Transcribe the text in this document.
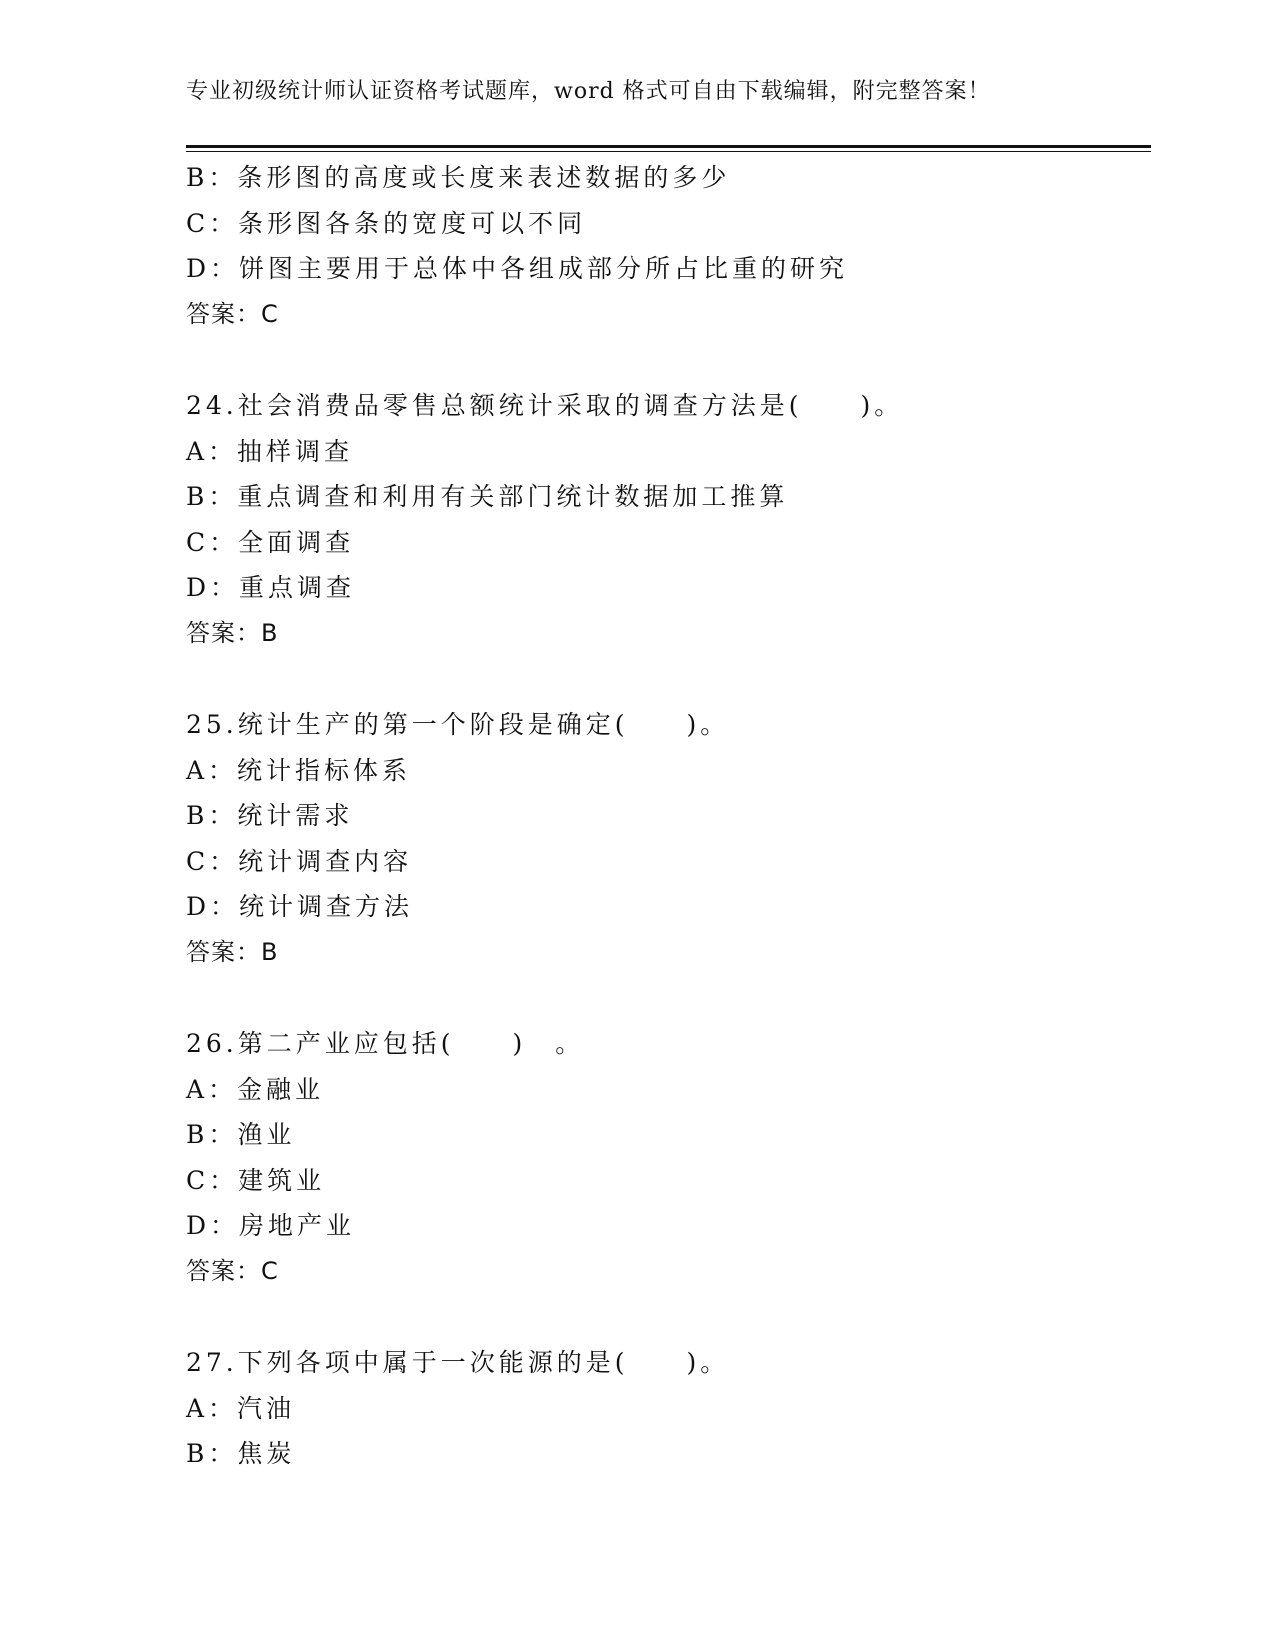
专业初级统计师认证资格考试题库，word 格式可自由下载编辑，附完整答案！
B：条形图的高度或长度来表述数据的多少
C：条形图各条的宽度可以不同
D：饼图主要用于总体中各组成部分所占比重的研究
答案：C
24.社会消费品零售总额统计采取的调查方法是(　　)。
A：抽样调查
B：重点调查和利用有关部门统计数据加工推算
C：全面调查
D：重点调查
答案：B
25.统计生产的第一个阶段是确定(　　)。
A：统计指标体系
B：统计需求
C：统计调查内容
D：统计调查方法
答案：B
26.第二产业应包括(　　)　。
A：金融业
B：渔业
C：建筑业
D：房地产业
答案：C
27.下列各项中属于一次能源的是(　　)。
A：汽油
B：焦炭
